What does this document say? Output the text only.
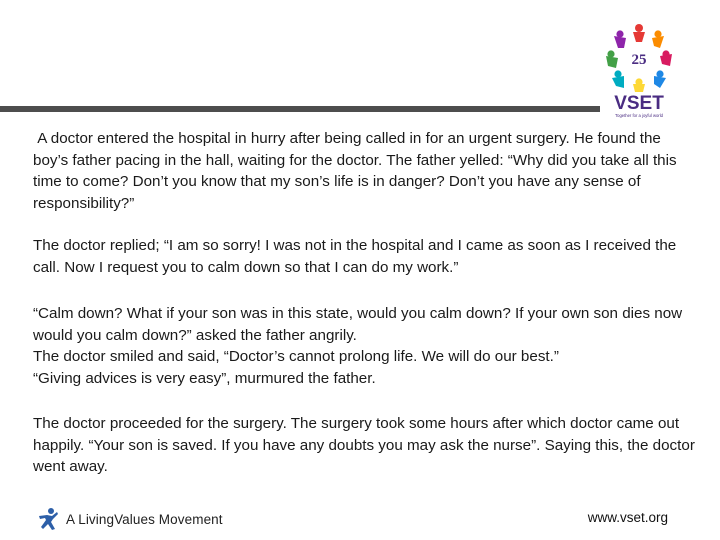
25
VSET
Together for a joyful world

A doctor entered the hospital in hurry after being called in for an urgent surgery. He found the boy’s father pacing in the hall, waiting for the doctor. The father yelled: “Why did you take all this time to come? Don’t you know that my son’s life is in danger? Don’t you have any sense of responsibility?”

The doctor replied; “I am so sorry! I was not in the hospital and I came as soon as I received the call. Now I request you to calm down so that I can do my work.”

“Calm down? What if your son was in this state, would you calm down? If your own son dies now would you calm down?” asked the father angrily.

The doctor smiled and said, “Doctor’s cannot prolong life. We will do our best.”

“Giving advices is very easy”, murmured the father.

The doctor proceeded for the surgery. The surgery took some hours after which doctor came out happily. “Your son is saved. If you have any doubts you may ask the nurse”. Saying this, the doctor went away.

A LivingValues Movement	www.vset.org
